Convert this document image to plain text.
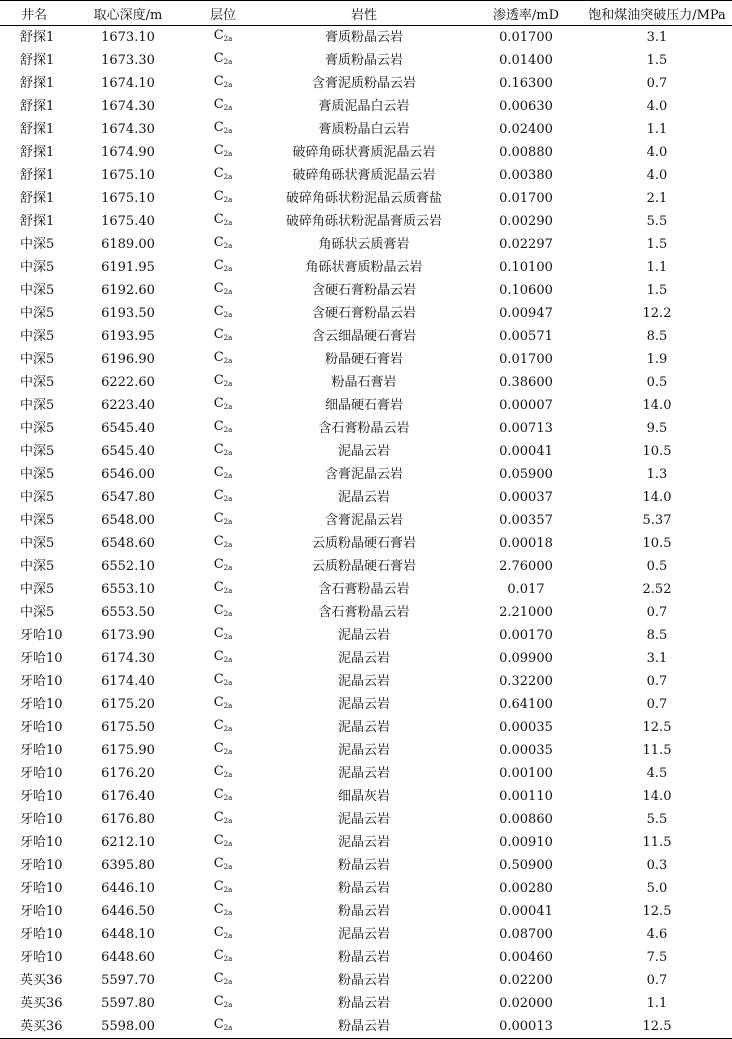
井名	取心深度/m	层位	岩性	渗透率/mD	饱和煤油突破压力/MPa
舒探1	1673.10	$C_{2a}$	膏质粉晶云岩	0.01700	3.1
舒探1	1673.30	$C_{2a}$	膏质粉晶云岩	0.01400	1.5
舒探1	1674.10	$C_{2a}$	含膏泥质粉晶云岩	0.16300	0.7
舒探1	1674.30	$C_{2a}$	膏质泥晶白云岩	0.00630	4.0
舒探1	1674.30	$C_{2a}$	膏质粉晶白云岩	0.02400	1.1
舒探1	1674.90	$C_{2a}$	破碎角砾状膏质泥晶云岩	0.00880	4.0
舒探1	1675.10	$C_{2a}$	破碎角砾状膏质泥晶云岩	0.00380	4.0
舒探1	1675.10	$C_{2a}$	破碎角砾状粉泥晶云质膏盐	0.01700	2.1
舒探1	1675.40	$C_{2a}$	破碎角砾状粉泥晶膏质云岩	0.00290	5.5
中深5	6189.00	$C_{2a}$	角砾状云质膏岩	0.02297	1.5
中深5	6191.95	$C_{2a}$	角砾状膏质粉晶云岩	0.10100	1.1
中深5	6192.60	$C_{2a}$	含硬石膏粉晶云岩	0.10600	1.5
中深5	6193.50	$C_{2a}$	含硬石膏粉晶云岩	0.00947	12.2
中深5	6193.95	$C_{2a}$	含云细晶硬石膏岩	0.00571	8.5
中深5	6196.90	$C_{2a}$	粉晶硬石膏岩	0.01700	1.9
中深5	6222.60	$C_{2a}$	粉晶石膏岩	0.38600	0.5
中深5	6223.40	$C_{2a}$	细晶硬石膏岩	0.00007	14.0
中深5	6545.40	$C_{2a}$	含石膏粉晶云岩	0.00713	9.5
中深5	6545.40	$C_{2a}$	泥晶云岩	0.00041	10.5
中深5	6546.00	$C_{2a}$	含膏泥晶云岩	0.05900	1.3
中深5	6547.80	$C_{2a}$	泥晶云岩	0.00037	14.0
中深5	6548.00	$C_{2a}$	含膏泥晶云岩	0.00357	5.37
中深5	6548.60	$C_{2a}$	云质粉晶硬石膏岩	0.00018	10.5
中深5	6552.10	$C_{2a}$	云质粉晶硬石膏岩	2.76000	0.5
中深5	6553.10	$C_{2a}$	含石膏粉晶云岩	0.017	2.52
中深5	6553.50	$C_{2a}$	含石膏粉晶云岩	2.21000	0.7
牙哈10	6173.90	$C_{2a}$	泥晶云岩	0.00170	8.5
牙哈10	6174.30	$C_{2a}$	泥晶云岩	0.09900	3.1
牙哈10	6174.40	$C_{2a}$	泥晶云岩	0.32200	0.7
牙哈10	6175.20	$C_{2a}$	泥晶云岩	0.64100	0.7
牙哈10	6175.50	$C_{2a}$	泥晶云岩	0.00035	12.5
牙哈10	6175.90	$C_{2a}$	泥晶云岩	0.00035	11.5
牙哈10	6176.20	$C_{2a}$	泥晶云岩	0.00100	4.5
牙哈10	6176.40	$C_{2a}$	细晶灰岩	0.00110	14.0
牙哈10	6176.80	$C_{2a}$	泥晶云岩	0.00860	5.5
牙哈10	6212.10	$C_{2a}$	泥晶云岩	0.00910	11.5
牙哈10	6395.80	$C_{2a}$	粉晶云岩	0.50900	0.3
牙哈10	6446.10	$C_{2a}$	粉晶云岩	0.00280	5.0
牙哈10	6446.50	$C_{2a}$	粉晶云岩	0.00041	12.5
牙哈10	6448.10	$C_{2a}$	泥晶云岩	0.08700	4.6
牙哈10	6448.60	$C_{2a}$	粉晶云岩	0.00460	7.5
英买36	5597.70	$C_{2a}$	粉晶云岩	0.02200	0.7
英买36	5597.80	$C_{2a}$	粉晶云岩	0.02000	1.1
英买36	5598.00	$C_{2a}$	粉晶云岩	0.00013	12.5
